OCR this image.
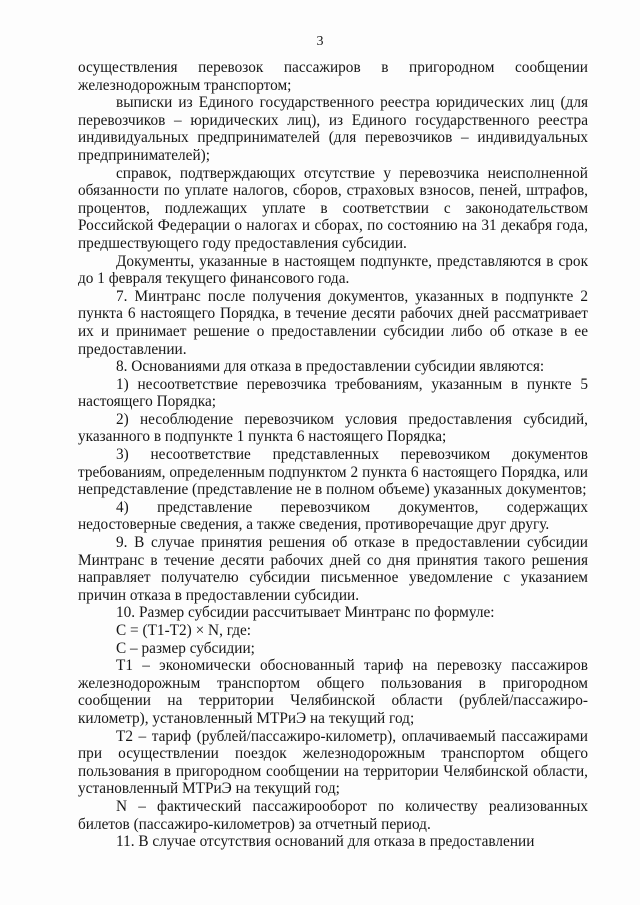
3

осуществления перевозок пассажиров в пригородном сообщении железнодорожным транспортом;

выписки из Единого государственного реестра юридических лиц (для перевозчиков – юридических лиц), из Единого государственного реестра индивидуальных предпринимателей (для перевозчиков – индивидуальных предпринимателей);

справок, подтверждающих отсутствие у перевозчика неисполненной обязанности по уплате налогов, сборов, страховых взносов, пеней, штрафов, процентов, подлежащих уплате в соответствии с законодательством Российской Федерации о налогах и сборах, по состоянию на 31 декабря года, предшествующего году предоставления субсидии.

Документы, указанные в настоящем подпункте, представляются в срок до 1 февраля текущего финансового года.

7. Минтранс после получения документов, указанных в подпункте 2 пункта 6 настоящего Порядка, в течение десяти рабочих дней рассматривает их и принимает решение о предоставлении субсидии либо об отказе в ее предоставлении.

8. Основаниями для отказа в предоставлении субсидии являются:

1) несоответствие перевозчика требованиям, указанным в пункте 5 настоящего Порядка;

2) несоблюдение перевозчиком условия предоставления субсидий, указанного в подпункте 1 пункта 6 настоящего Порядка;

3) несоответствие представленных перевозчиком документов требованиям, определенным подпунктом 2 пункта 6 настоящего Порядка, или непредставление (представление не в полном объеме) указанных документов;

4) представление перевозчиком документов, содержащих недостоверные сведения, а также сведения, противоречащие друг другу.

9. В случае принятия решения об отказе в предоставлении субсидии Минтранс в течение десяти рабочих дней со дня принятия такого решения направляет получателю субсидии письменное уведомление с указанием причин отказа в предоставлении субсидии.

10. Размер субсидии рассчитывает Минтранс по формуле:

С = (Т1-Т2) × N, где:

С – размер субсидии;

Т1 – экономически обоснованный тариф на перевозку пассажиров железнодорожным транспортом общего пользования в пригородном сообщении на территории Челябинской области (рублей/пассажиро-километр), установленный МТРиЭ на текущий год;

Т2 – тариф (рублей/пассажиро-километр), оплачиваемый пассажирами при осуществлении поездок железнодорожным транспортом общего пользования в пригородном сообщении на территории Челябинской области, установленный МТРиЭ на текущий год;

N – фактический пассажирооборот по количеству реализованных билетов (пассажиро-километров) за отчетный период.

11. В случае отсутствия оснований для отказа в предоставлении
